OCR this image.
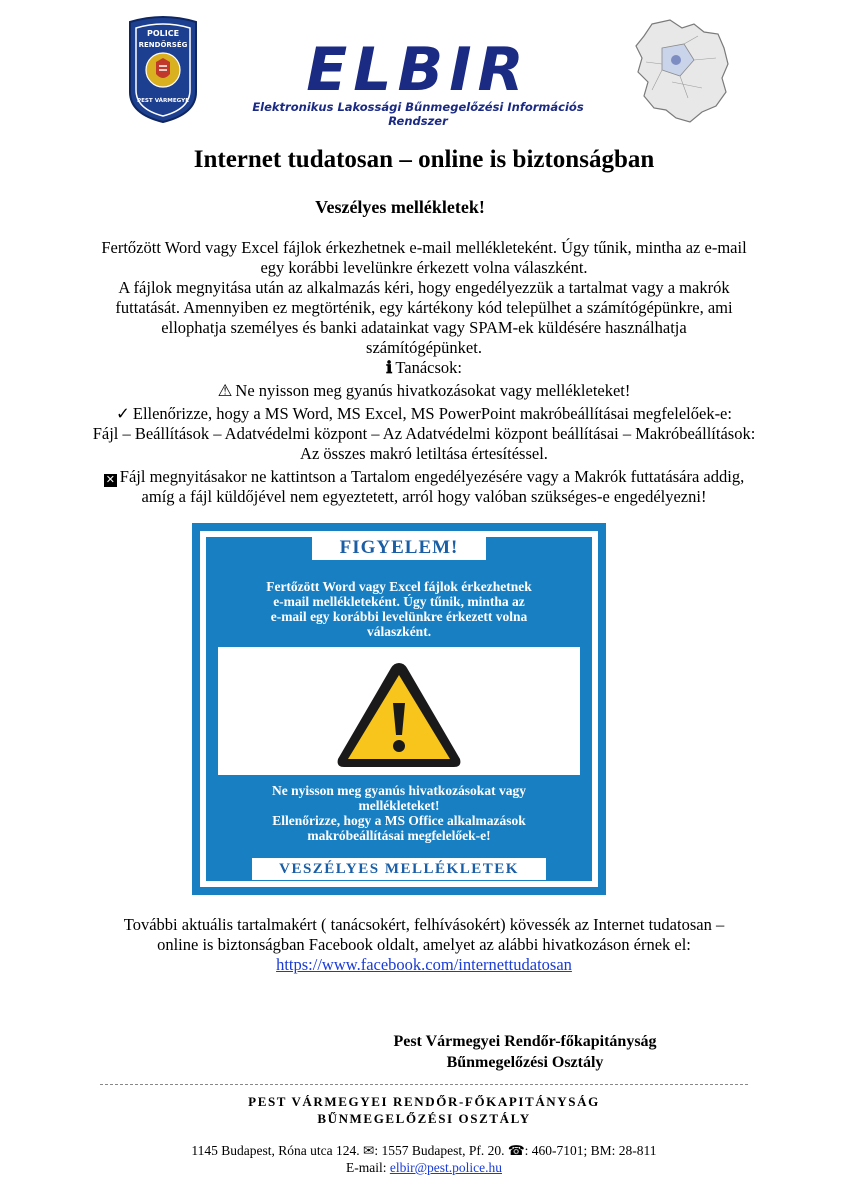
POLICE
RENDŐRSÉG
PEST VÁRMEGYE	ELBIR
Elektronikus Lakossági Bűnmegelőzési Információs Rendszer
Internet tudatosan – online is biztonságban
Veszélyes mellékletek!
Fertőzött Word vagy Excel fájlok érkezhetnek e-mail mellékleteként. Úgy tűnik, mintha az e-mail
egy korábbi levelünkre érkezett volna válaszként.
A fájlok megnyitása után az alkalmazás kéri, hogy engedélyezzük a tartalmat vagy a makrók
futtatását. Amennyiben ez megtörténik, egy kártékony kód települhet a számítógépünkre, ami
ellophatja személyes és banki adatainkat vagy SPAM-ek küldésére használhatja
számítógépünket.
ℹ Tanácsok:
⚠ Ne nyisson meg gyanús hivatkozásokat vagy mellékleteket!
✓ Ellenőrizze, hogy a MS Word, MS Excel, MS PowerPoint makróbeállításai megfelelőek-e:
Fájl – Beállítások – Adatvédelmi központ – Az Adatvédelmi központ beállításai – Makróbeállítások:
Az összes makró letiltása értesítéssel.
✕ Fájl megnyitásakor ne kattintson a Tartalom engedélyezésére vagy a Makrók futtatására addig,
amíg a fájl küldőjével nem egyeztetett, arról hogy valóban szükséges-e engedélyezni!
FIGYELEM!
Fertőzött Word vagy Excel fájlok érkezhetnek
e-mail mellékleteként. Úgy tűnik, mintha az
e-mail egy korábbi levelünkre érkezett volna
válaszként.
Ne nyisson meg gyanús hivatkozásokat vagy
mellékleteket!
Ellenőrizze, hogy a MS Office alkalmazások
makróbeállításai megfelelőek-e!
VESZÉLYES MELLÉKLETEK
További aktuális tartalmakért ( tanácsokért, felhívásokért) kövessék az Internet tudatosan –
online is biztonságban Facebook oldalt, amelyet az alábbi hivatkozáson érnek el:
https://www.facebook.com/internettudatosan
Pest Vármegyei Rendőr-főkapitányság
Bűnmegelőzési Osztály
PEST VÁRMEGYEI RENDŐR-FŐKAPITÁNYSÁG
BŰNMEGELŐZÉSI OSZTÁLY
1145 Budapest, Róna utca 124. ✉: 1557 Budapest, Pf. 20. ☎: 460-7101; BM: 28-811
E-mail: elbir@pest.police.hu
